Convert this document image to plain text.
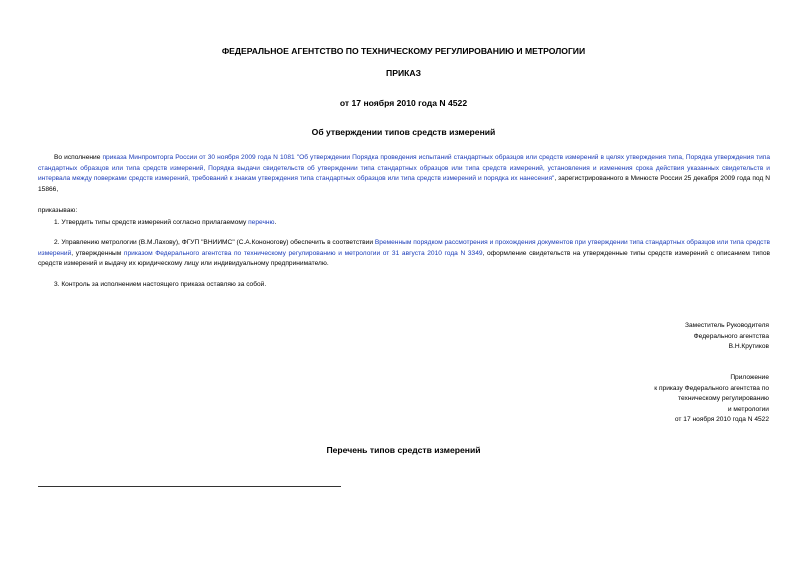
ФЕДЕРАЛЬНОЕ АГЕНТСТВО ПО ТЕХНИЧЕСКОМУ РЕГУЛИРОВАНИЮ И МЕТРОЛОГИИ
ПРИКАЗ
от 17 ноября 2010 года N 4522
Об утверждении типов средств измерений

Во исполнение приказа Минпромторга России от 30 ноября 2009 года N 1081 "Об утверждении Порядка проведения испытаний стандартных образцов или средств измерений в целях утверждения типа, Порядка утверждения типа стандартных образцов или типа средств измерений, Порядка выдачи свидетельств об утверждении типа стандартных образцов или типа средств измерений, установления и изменения срока действия указанных свидетельств и интервала между поверками средств измерений, требований к знакам утверждения типа стандартных образцов или типа средств измерений и порядка их нанесения", зарегистрированного в Минюсте России 25 декабря 2009 года под N 15866,

приказываю:

1. Утвердить типы средств измерений согласно прилагаемому перечню.

2. Управлению метрологии (В.М.Лахову), ФГУП "ВНИИМС" (С.А.Кононогову) обеспечить в соответствии Временным порядком рассмотрения и прохождения документов при утверждении типа стандартных образцов или типа средств измерений, утвержденным приказом Федерального агентства по техническому регулированию и метрологии от 31 августа 2010 года N 3349, оформление свидетельств на утвержденные типы средств измерений с описанием типов средств измерений и выдачу их юридическому лицу или индивидуальному предпринимателю.

3. Контроль за исполнением настоящего приказа оставляю за собой.

Заместитель Руководителя
Федерального агентства
В.Н.Крутиков
Приложение
к приказу Федерального агентства по
техническому регулированию
и метрологии
от 17 ноября 2010 года N 4522
Перечень типов средств измерений
